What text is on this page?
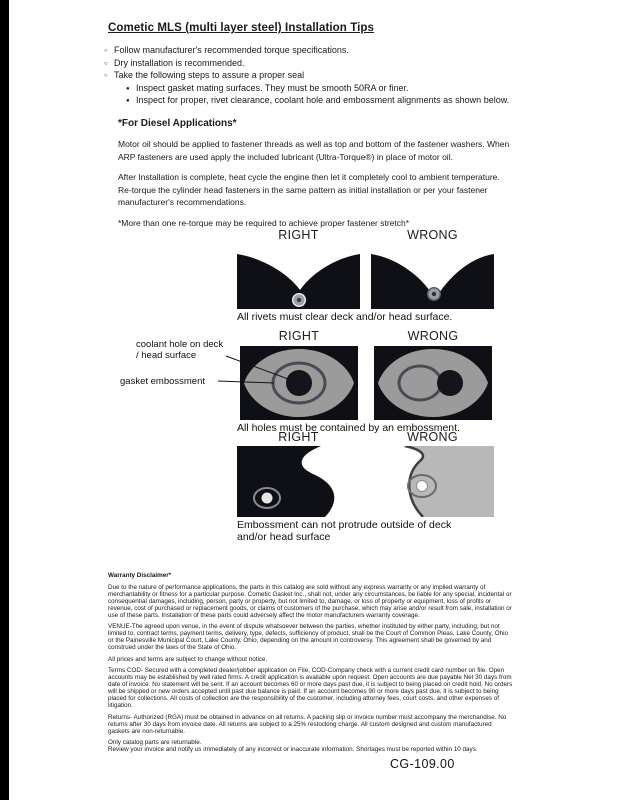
Cometic MLS (multi layer steel) Installation Tips
○ Follow manufacturer's recommended torque specifications.
○ Dry installation is recommended.
○ Take the following steps to assure a proper seal
● Inspect gasket mating surfaces. They must be smooth 50RA or finer.
● Inspect for proper, rivet clearance, coolant hole and embossment alignments as shown below.
*For Diesel Applications*

Motor oil should be applied to fastener threads as well as top and bottom of the fastener washers. When ARP fasteners are used apply the included lubricant (Ultra-Torque®) in place of motor oil.

After Installation is complete, heat cycle the engine then let it completely cool to ambient temperature. Re-torque the cylinder head fasteners in the same pattern as initial installation or per your fastener manufacturer's recommendations.

*More than one re-torque may be required to achieve proper fastener stretch*

RIGHT	WRONG
All rivets must clear deck and/or head surface.
RIGHT	WRONG
coolant hole on deck / head surface
gasket embossment
All holes must be contained by an embossment.
RIGHT	WRONG
Embossment can not protrude outside of deck and/or head surface

Warranty Disclaimer*

Due to the nature of performance applications, the parts in this catalog are sold without any express warranty or any implied warranty of merchantability or fitness for a particular purpose. Cometic Gasket Inc., shall not, under any circumstances, be liable for any special, incidental or consequential damages, including, person, party or property, but not limited to, damage, or loss of property or equipment, loss of profits or revenue, cost of purchased or replacement goods, or claims of customers of the purchase, which may arise and/or result from sale, installation or use of these parts. Installation of these parts could adversely affect the motor manufacturers warranty coverage.

VENUE-The agreed upon venue, in the event of dispute whatsoever between the parties, whether instituted by either party, including, but not limited to, contract terms, payment terms, delivery, type, defects, sufficiency of product, shall be the Court of Common Pleas, Lake County, Ohio or the Painesville Municipal Court, Lake County, Ohio, depending on the amount in controversy. This agreement shall be governed by and construed under the laws of the State of Ohio.

All prices and terms are subject to change without notice.

Terms COD- Secured with a completed dealer/jobber application on File, COD-Company check with a current credit card number on file. Open accounts may be established by well rated firms. A credit application is available upon request. Open accounts are due payable Net 30 days from date of invoice. No statement will be sent. If an account becomes 60 or more days past due, it is subject to being placed on credit hold. No orders will be shipped or new orders accepted until past due balance is paid. If an account becomes 90 or more days past due, it is subject to being placed for collections. All costs of collection are the responsibility of the customer, including attorney fees, court costs, and other expenses of litigation.

Returns- Authorized (RGA) must be obtained in advance on all returns. A packing slip or invoice number must accompany the merchandise. No returns after 30 days from invoice date. All returns are subject to a 25% restocking charge. All custom designed and custom manufactured gaskets are non-returnable.

Only catalog parts are returnable.

Review your invoice and notify us immediately of any incorrect or inaccurate information. Shortages must be reported within 10 days.

CG-109.00
